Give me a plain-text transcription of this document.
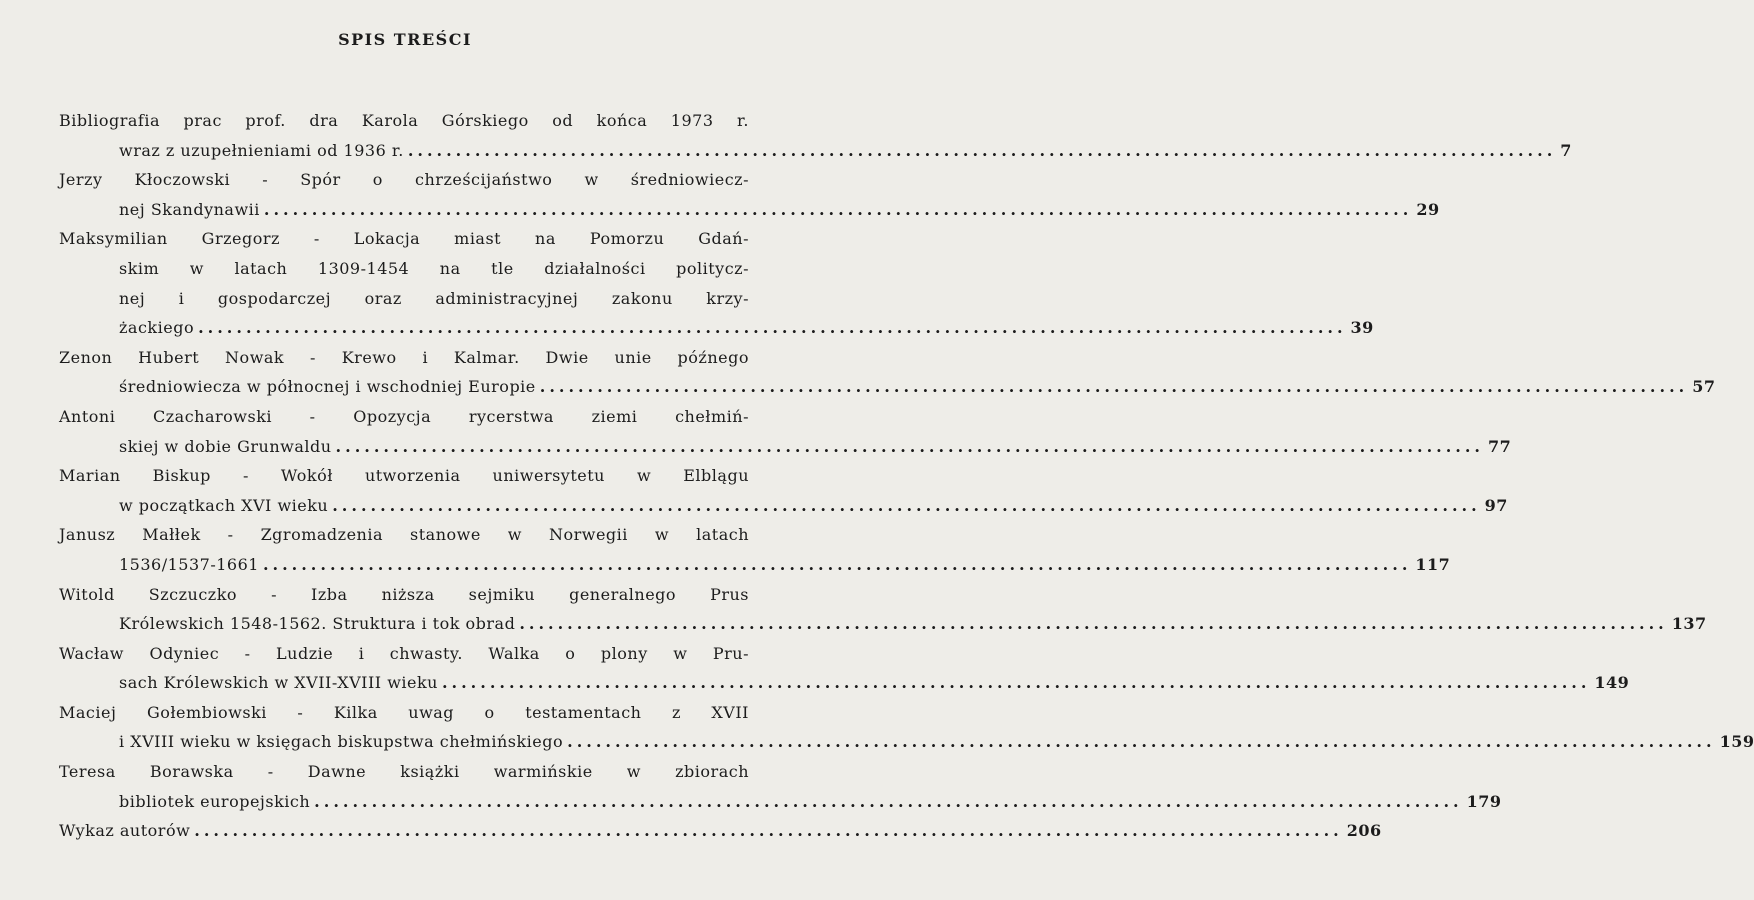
SPIS TREŚCI
Bibliografia prac prof. dra Karola Górskiego od końca 1973 r.
wraz z uzupełnieniami od 1936 r. ........................................................................................................................ 7
Jerzy Kłoczowski - Spór o chrześcijaństwo w średniowiecz-
nej Skandynawii ........................................................................................................................ 29
Maksymilian Grzegorz - Lokacja miast na Pomorzu Gdań-
skim w latach 1309-1454 na tle działalności politycz-
nej i gospodarczej oraz administracyjnej zakonu krzy-
żackiego ........................................................................................................................ 39
Zenon Hubert Nowak - Krewo i Kalmar. Dwie unie późnego
średniowiecza w północnej i wschodniej Europie ........................................................................................................................ 57
Antoni Czacharowski - Opozycja rycerstwa ziemi chełmiń-
skiej w dobie Grunwaldu ........................................................................................................................ 77
Marian Biskup - Wokół utworzenia uniwersytetu w Elblągu
w początkach XVI wieku ........................................................................................................................ 97
Janusz Małłek - Zgromadzenia stanowe w Norwegii w latach
1536/1537-1661 ........................................................................................................................ 117
Witold Szczuczko - Izba niższa sejmiku generalnego Prus
Królewskich 1548-1562. Struktura i tok obrad ........................................................................................................................ 137
Wacław Odyniec - Ludzie i chwasty. Walka o plony w Pru-
sach Królewskich w XVII-XVIII wieku ........................................................................................................................ 149
Maciej Gołembiowski - Kilka uwag o testamentach z XVII
i XVIII wieku w księgach biskupstwa chełmińskiego ........................................................................................................................ 159
Teresa Borawska - Dawne książki warmińskie w zbiorach
bibliotek europejskich ........................................................................................................................ 179
Wykaz autorów ........................................................................................................................ 206
